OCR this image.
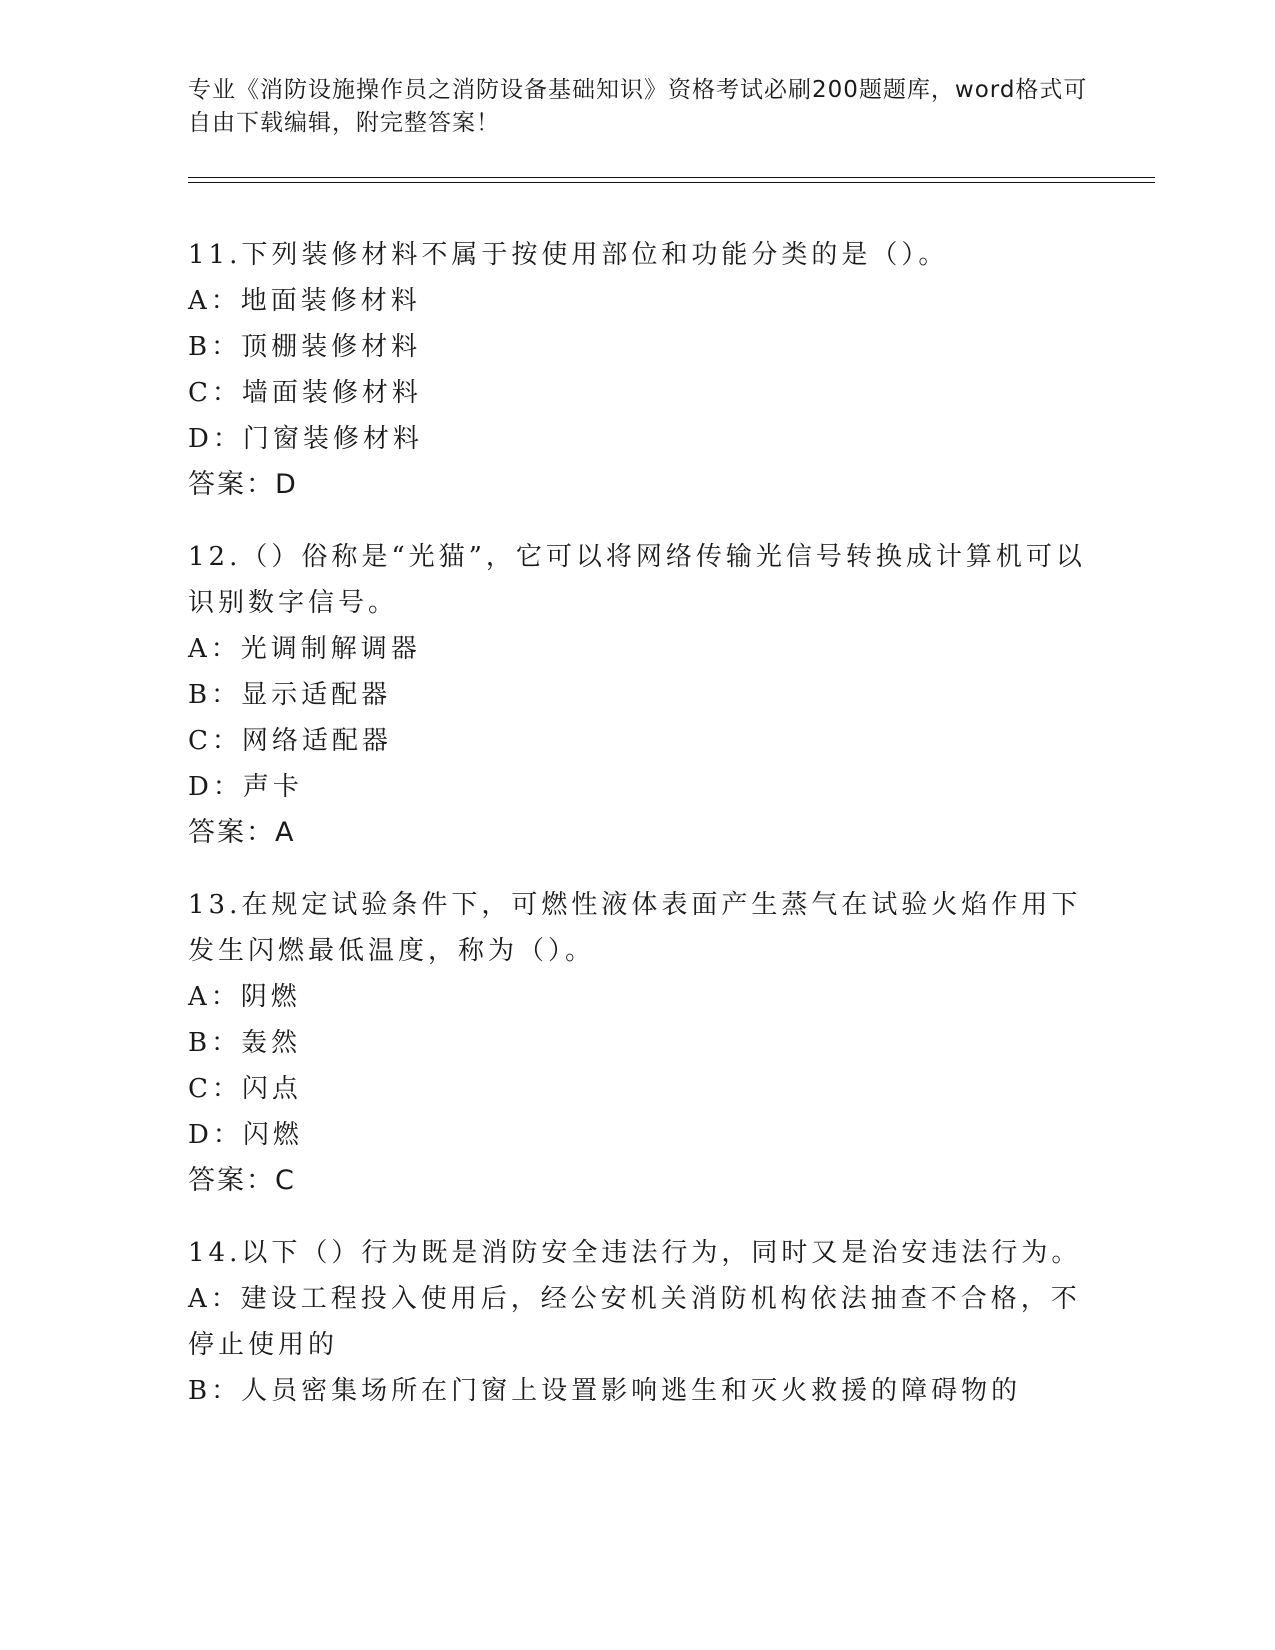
专业《消防设施操作员之消防设备基础知识》资格考试必刷200题题库，word格式可自由下载编辑，附完整答案！
11.下列装修材料不属于按使用部位和功能分类的是（）。
A：地面装修材料
B：顶棚装修材料
C：墙面装修材料
D：门窗装修材料
答案：D
12.（）俗称是“光猫”，它可以将网络传输光信号转换成计算机可以识别数字信号。
A：光调制解调器
B：显示适配器
C：网络适配器
D：声卡
答案：A
13.在规定试验条件下，可燃性液体表面产生蒸气在试验火焰作用下发生闪燃最低温度，称为（）。
A：阴燃
B：轰然
C：闪点
D：闪燃
答案：C
14.以下（）行为既是消防安全违法行为，同时又是治安违法行为。
A：建设工程投入使用后，经公安机关消防机构依法抽查不合格，不停止使用的
B：人员密集场所在门窗上设置影响逃生和灭火救援的障碍物的
